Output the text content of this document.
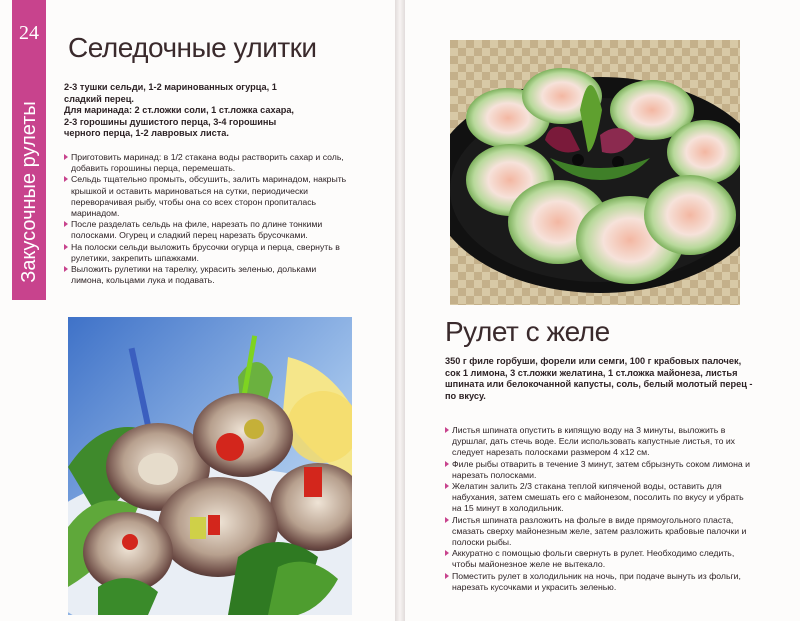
24
Закусочные рулеты
Селедочные улитки

2-3 тушки сельди, 1-2 маринованных огурца, 1 сладкий перец.

Для маринада: 2 ст.ложки соли, 1 ст.ложка сахара, 2-3 горошины душистого перца, 3-4 горошины черного перца, 1-2 лавровых листа.

Приготовить маринад: в 1/2 стакана воды растворить сахар и соль, добавить горошины перца, перемешать.
Сельдь тщательно промыть, обсушить, залить маринадом, накрыть крышкой и оставить мариноваться на сутки, периодически переворачивая рыбу, чтобы она со всех сторон пропиталась маринадом.
После разделать сельдь на филе, нарезать по длине тонкими полосками. Огурец и сладкий перец нарезать брусочками.
На полоски сельди выложить брусочки огурца и перца, свернуть в рулетики, закрепить шпажками.
Выложить рулетики на тарелку, украсить зеленью, дольками лимона, кольцами лука и подавать.
Рулет с желе

350 г филе горбуши, форели или семги, 100 г крабовых палочек, сок 1 лимона, 3 ст.ложки желатина, 1 ст.ложка майонеза, листья шпината или белокочанной капусты, соль, белый молотый перец - по вкусу.

Листья шпината опустить в кипящую воду на 3 минуты, выложить в дуршлаг, дать стечь воде. Если использовать капустные листья, то их следует нарезать полосками размером 4 х12 см.
Филе рыбы отварить в течение 3 минут, затем сбрызнуть соком лимона и нарезать полосками.
Желатин залить 2/3 стакана теплой кипяченой воды, оставить для набухания, затем смешать его с майонезом, посолить по вкусу и убрать на 15 минут в холодильник.
Листья шпината разложить на фольге в виде прямоугольного пласта, смазать сверху майонезным желе, затем разложить крабовые палочки и полоски рыбы.
Аккуратно с помощью фольги свернуть в рулет. Необходимо следить, чтобы майонезное желе не вытекало.
Поместить рулет в холодильник на ночь, при подаче вынуть из фольги, нарезать кусочками и украсить зеленью.
